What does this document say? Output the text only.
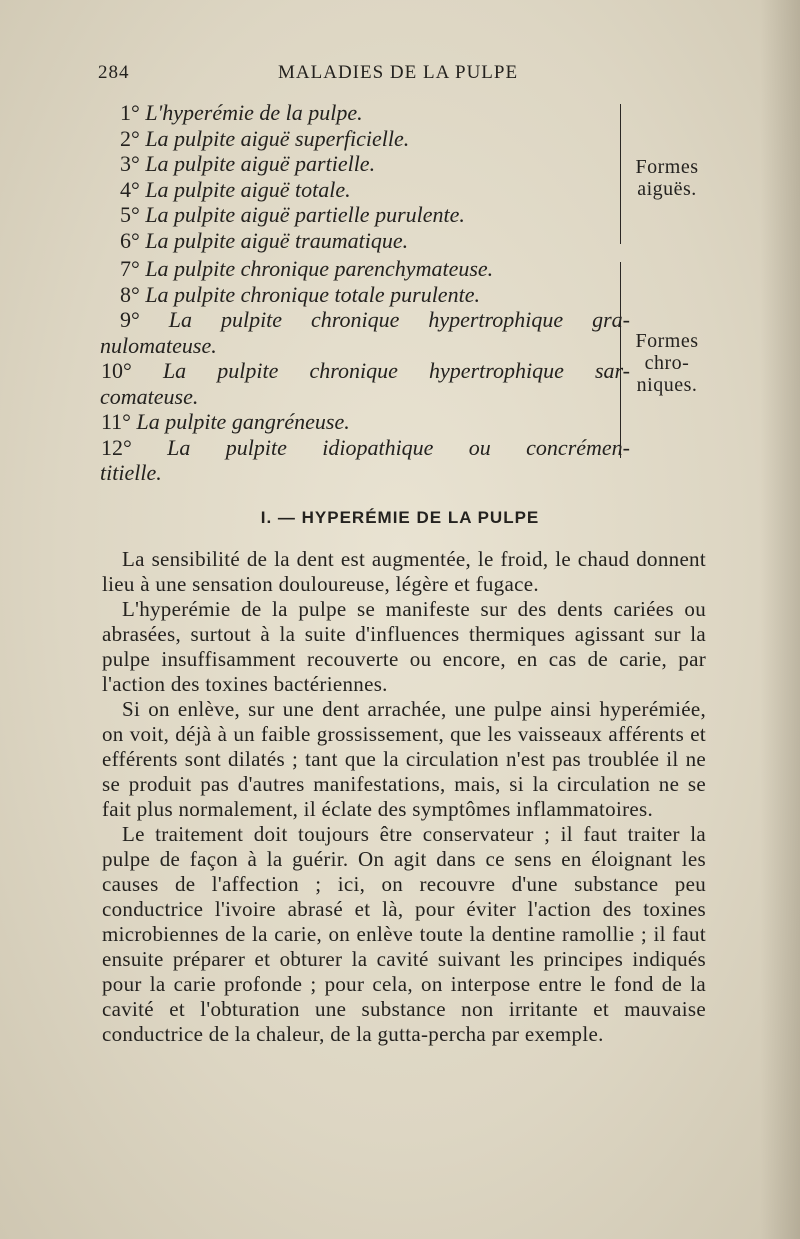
284	MALADIES DE LA PULPE
1° L'hyperémie de la pulpe.
2° La pulpite aiguë superficielle.
3° La pulpite aiguë partielle.
4° La pulpite aiguë totale.
5° La pulpite aiguë partielle purulente.
6° La pulpite aiguë traumatique.
Formes
aiguës.
7° La pulpite chronique parenchymateuse.
8° La pulpite chronique totale purulente.
9° La pulpite chronique hypertrophique gra-
nulomateuse.
10° La pulpite chronique hypertrophique sar-
comateuse.
11° La pulpite gangréneuse.
12° La pulpite idiopathique ou concrémen-
titielle.
Formes
chro-
niques.
I. — HYPERÉMIE DE LA PULPE

La sensibilité de la dent est augmentée, le froid, le chaud donnent lieu à une sensation douloureuse, légère et fugace.

L'hyperémie de la pulpe se manifeste sur des dents cariées ou abrasées, surtout à la suite d'influences thermiques agissant sur la pulpe insuffisamment recouverte ou encore, en cas de carie, par l'action des toxines bactériennes.

Si on enlève, sur une dent arrachée, une pulpe ainsi hyperémiée, on voit, déjà à un faible grossissement, que les vaisseaux afférents et efférents sont dilatés ; tant que la circulation n'est pas troublée il ne se produit pas d'autres manifestations, mais, si la circulation ne se fait plus normalement, il éclate des symptômes inflammatoires.

Le traitement doit toujours être conservateur ; il faut traiter la pulpe de façon à la guérir. On agit dans ce sens en éloignant les causes de l'affection ; ici, on recouvre d'une substance peu conductrice l'ivoire abrasé et là, pour éviter l'action des toxines microbiennes de la carie, on enlève toute la dentine ramollie ; il faut ensuite préparer et obturer la cavité suivant les principes indiqués pour la carie profonde ; pour cela, on interpose entre le fond de la cavité et l'obturation une substance non irritante et mauvaise conductrice de la chaleur, de la gutta-percha par exemple.
